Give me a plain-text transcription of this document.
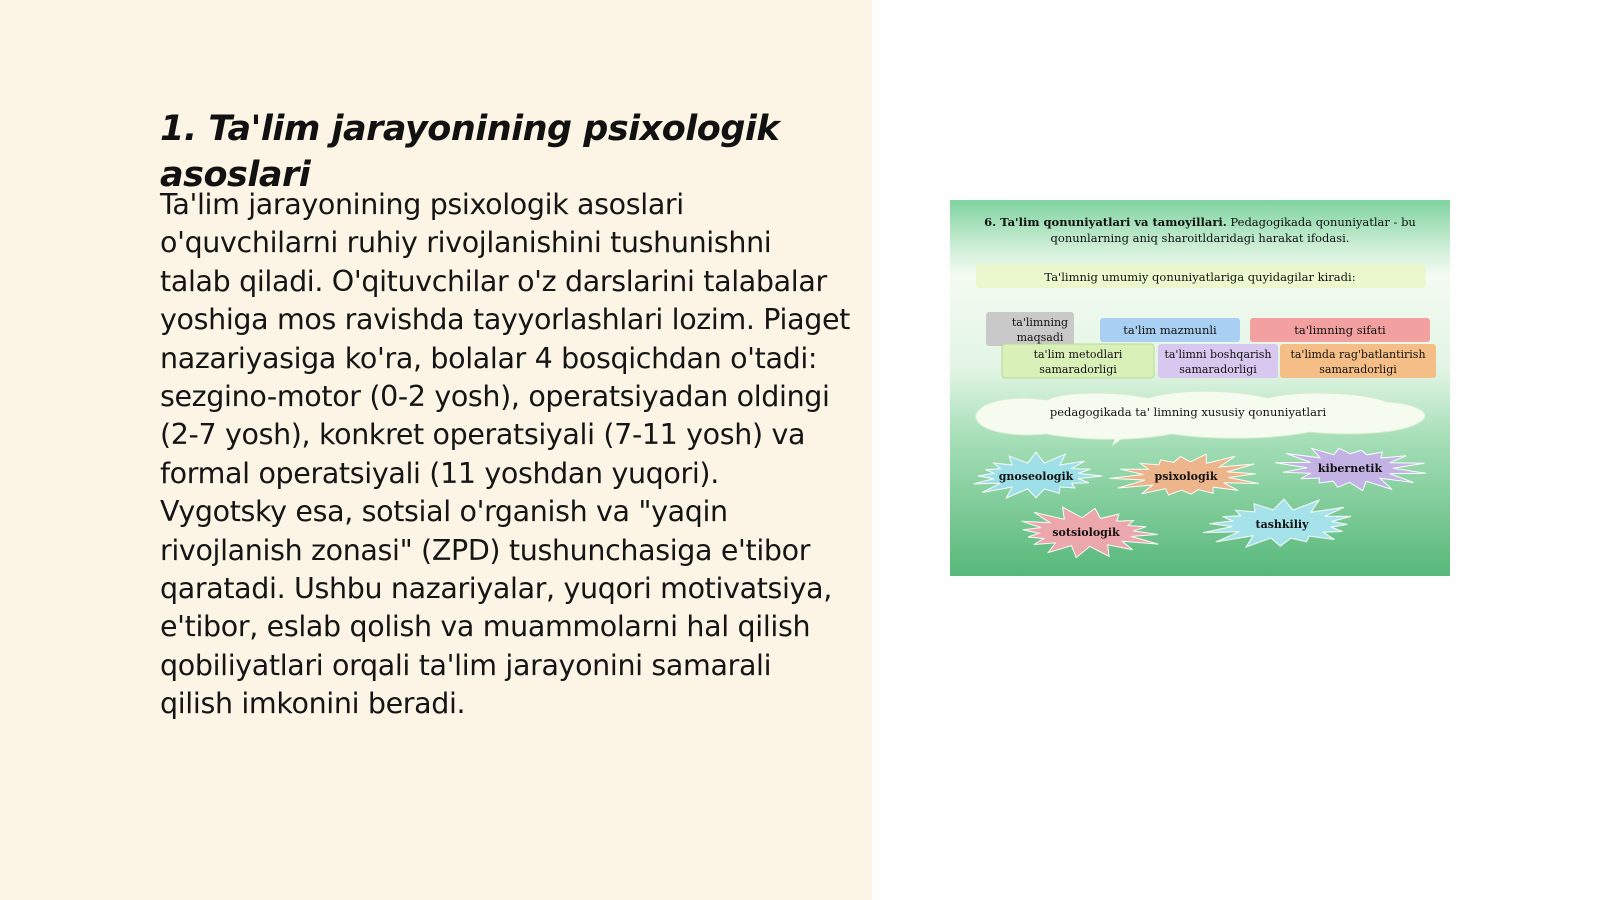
1. Ta'lim jarayonining psixologik asoslari

Ta'lim jarayonining psixologik asoslari o'quvchilarni ruhiy rivojlanishini tushunishni talab qiladi. O'qituvchilar o'z darslarini talabalar yoshiga mos ravishda tayyorlashlari lozim. Piaget nazariyasiga ko'ra, bolalar 4 bosqichdan o'tadi: sezgino-motor (0-2 yosh), operatsiyadan oldingi (2-7 yosh), konkret operatsiyali (7-11 yosh) va formal operatsiyali (11 yoshdan yuqori). Vygotsky esa, sotsial o'rganish va "yaqin rivojlanish zonasi" (ZPD) tushunchasiga e'tibor qaratadi. Ushbu nazariyalar, yuqori motivatsiya, e'tibor, eslab qolish va muammolarni hal qilish qobiliyatlari orqali ta'lim jarayonini samarali qilish imkonini beradi.

6. Ta'lim qonuniyatlari va tamoyillari. Pedagogikada qonuniyatlar - bu
qonunlarning aniq sharoitldaridagi harakat ifodasi.
Ta'limnig umumiy qonuniyatlariga quyidagilar kiradi:
ta'limning
maqsadi
ta'lim mazmunli	ta'limning sifati
ta'lim metodlari
samaradorligi
ta'limni boshqarish
samaradorligi
ta'limda rag'batlantirish
samaradorligi
pedagogikada ta' limning xususiy qonuniyatlari
gnoseologik	psixologik
kibernetik
sotsiologik
tashkiliy
